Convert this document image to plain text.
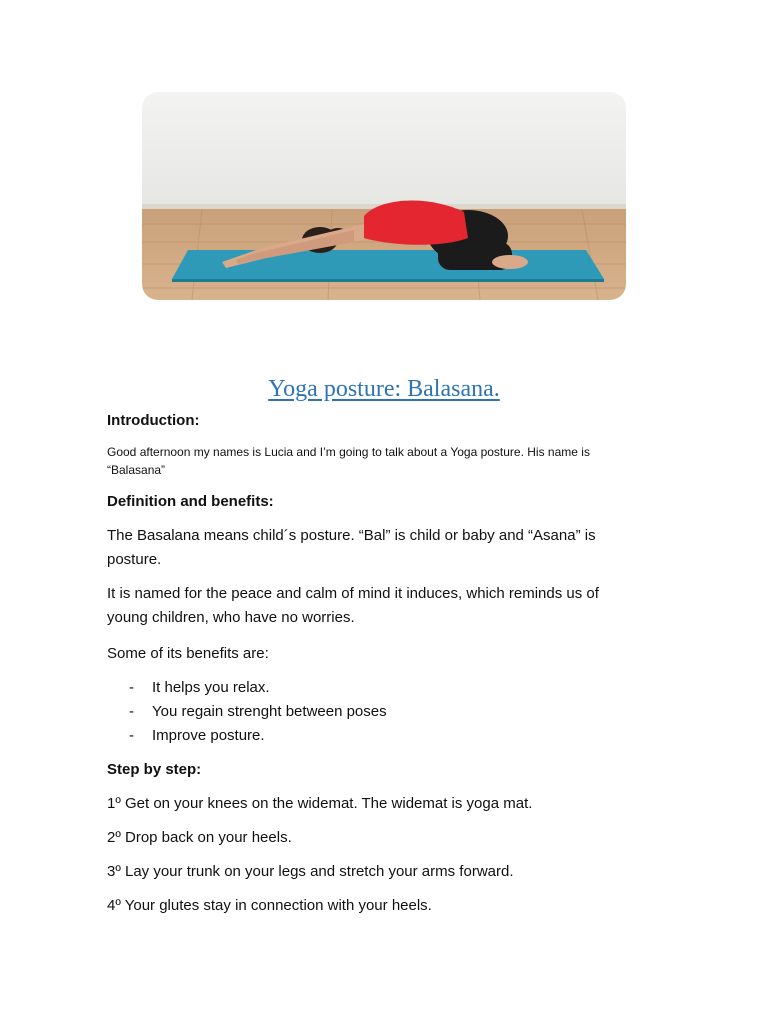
Yoga posture: Balasana.

Introduction:

Good afternoon my names is Lucia and I’m going to talk about a Yoga posture. His name is

“Balasana”

Definition and benefits:

The Basalana means child´s posture. “Bal” is child or baby and “Asana” is

posture.

It is named for the peace and calm of mind it induces, which reminds us of

young children, who have no worries.

Some of its benefits are:

- It helps you relax.
- You regain strenght between poses
- Improve posture.

Step by step:

1º Get on your knees on the widemat. The widemat is yoga mat.

2º Drop back on your heels.

3º Lay your trunk on your legs and stretch your arms forward.

4º Your glutes stay in connection with your heels.
